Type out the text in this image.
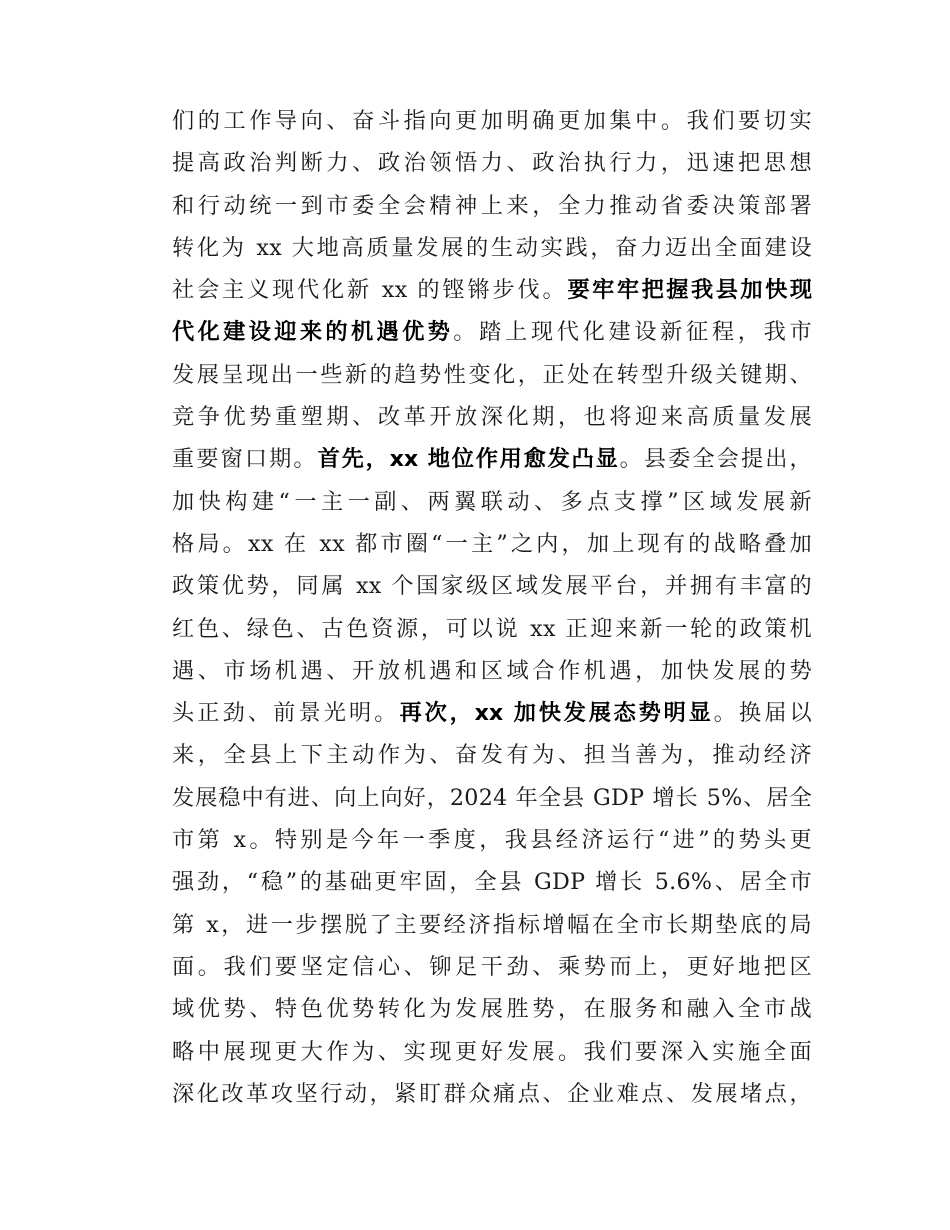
们的工作导向、奋斗指向更加明确更加集中。我们要切实
提高政治判断力、政治领悟力、政治执行力，迅速把思想
和行动统一到市委全会精神上来，全力推动省委决策部署
转化为 xx 大地高质量发展的生动实践，奋力迈出全面建设
社会主义现代化新 xx 的铿锵步伐。要牢牢把握我县加快现
代化建设迎来的机遇优势。踏上现代化建设新征程，我市
发展呈现出一些新的趋势性变化，正处在转型升级关键期、
竞争优势重塑期、改革开放深化期，也将迎来高质量发展
重要窗口期。首先，xx 地位作用愈发凸显。县委全会提出，
加快构建“一主一副、两翼联动、多点支撑”区域发展新
格局。xx 在 xx 都市圈“一主”之内，加上现有的战略叠加
政策优势，同属 xx 个国家级区域发展平台，并拥有丰富的
红色、绿色、古色资源，可以说 xx 正迎来新一轮的政策机
遇、市场机遇、开放机遇和区域合作机遇，加快发展的势
头正劲、前景光明。再次，xx 加快发展态势明显。换届以
来，全县上下主动作为、奋发有为、担当善为，推动经济
发展稳中有进、向上向好，2024 年全县 GDP 增长 5%、居全
市第 x。特别是今年一季度，我县经济运行“进”的势头更
强劲，“稳”的基础更牢固，全县 GDP 增长 5.6%、居全市
第 x，进一步摆脱了主要经济指标增幅在全市长期垫底的局
面。我们要坚定信心、铆足干劲、乘势而上，更好地把区
域优势、特色优势转化为发展胜势，在服务和融入全市战
略中展现更大作为、实现更好发展。我们要深入实施全面
深化改革攻坚行动，紧盯群众痛点、企业难点、发展堵点，
